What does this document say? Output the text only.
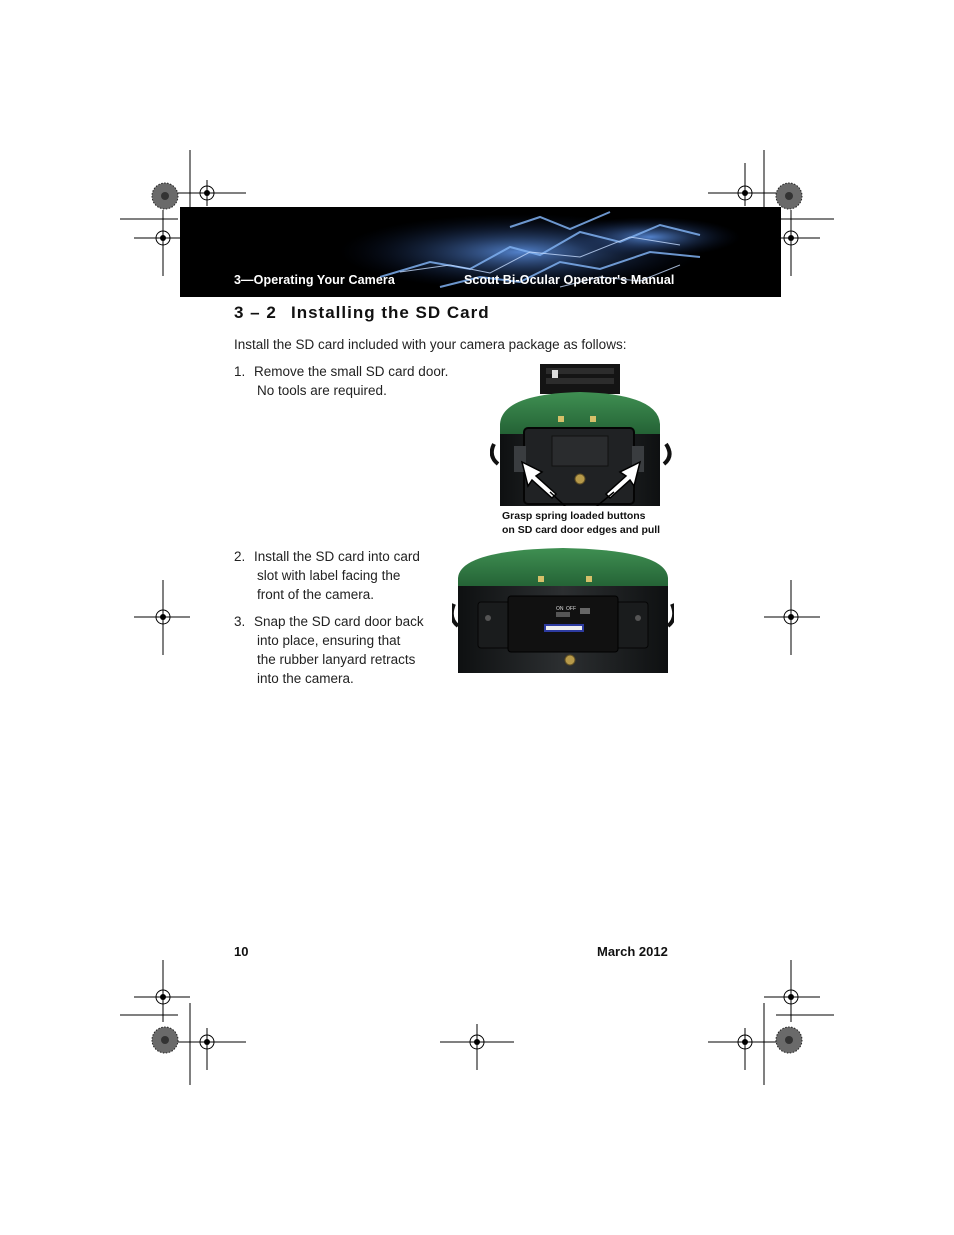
3—Operating Your Camera	Scout Bi-Ocular Operator's Manual
3 – 2 Installing the SD Card
Install the SD card included with your camera package as follows:
1. Remove the small SD card door.
No tools are required.
2. Install the SD card into card
slot with label facing the
front of the camera.
3. Snap the SD card door back
into place, ensuring that
the rubber lanyard retracts
into the camera.
Grasp spring loaded buttons
on SD card door edges and pull
ON OFF
10	March 2012
